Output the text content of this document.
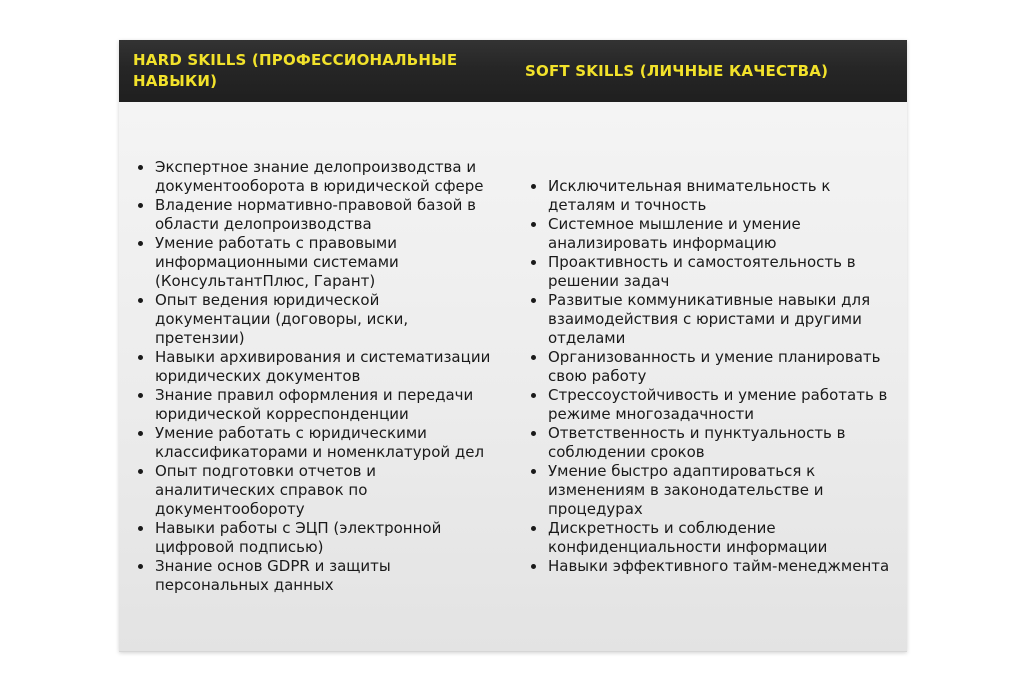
HARD SKILLS (ПРОФЕССИОНАЛЬНЫЕ НАВЫКИ)
SOFT SKILLS (ЛИЧНЫЕ КАЧЕСТВА)
• Экспертное знание делопроизводства и документооборота в юридической сфере
• Владение нормативно-правовой базой в области делопроизводства
• Умение работать с правовыми информационными системами (КонсультантПлюс, Гарант)
• Опыт ведения юридической документации (договоры, иски, претензии)
• Навыки архивирования и систематизации юридических документов
• Знание правил оформления и передачи юридической корреспонденции
• Умение работать с юридическими классификаторами и номенклатурой дел
• Опыт подготовки отчетов и аналитических справок по документообороту
• Навыки работы с ЭЦП (электронной цифровой подписью)
• Знание основ GDPR и защиты персональных данных
• Исключительная внимательность к деталям и точность
• Системное мышление и умение анализировать информацию
• Проактивность и самостоятельность в решении задач
• Развитые коммуникативные навыки для взаимодействия с юристами и другими отделами
• Организованность и умение планировать свою работу
• Стрессоустойчивость и умение работать в режиме многозадачности
• Ответственность и пунктуальность в соблюдении сроков
• Умение быстро адаптироваться к изменениям в законодательстве и процедурах
• Дискретность и соблюдение конфиденциальности информации
• Навыки эффективного тайм-менеджмента
